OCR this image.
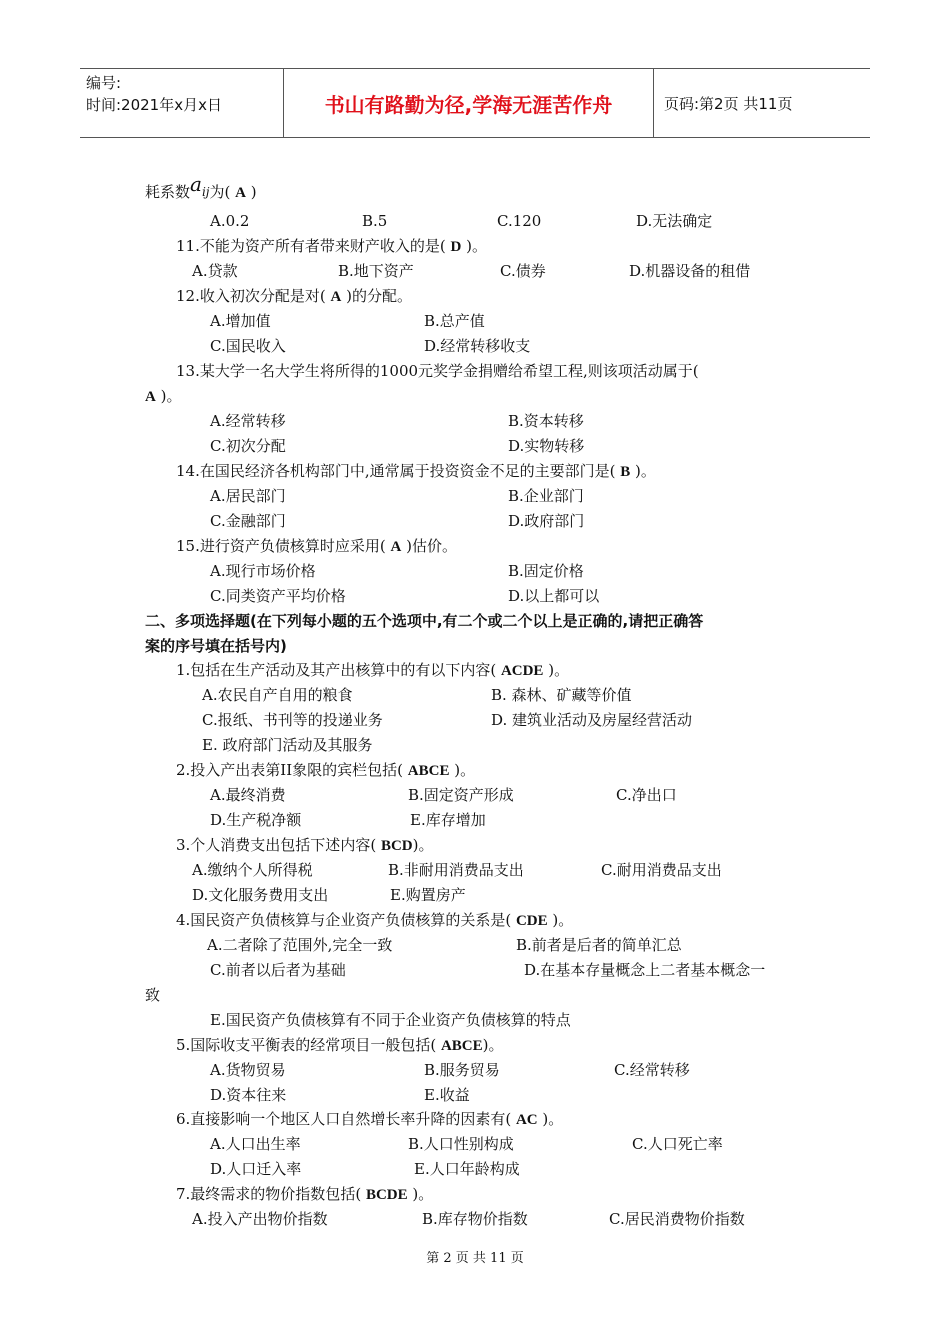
编号:
时间:2021年x月x日	书山有路勤为径,学海无涯苦作舟	页码:第2页 共11页
耗系数$a_{ij}$为( A )
A.0.2	B.5	C.120	D.无法确定
11.不能为资产所有者带来财产收入的是( D )。
A.贷款	B.地下资产	C.债券	D.机器设备的租借
12.收入初次分配是对( A )的分配。
A.增加值	B.总产值
C.国民收入	D.经常转移收支
13.某大学一名大学生将所得的1000元奖学金捐赠给希望工程,则该项活动属于(
A )。
A.经常转移	B.资本转移
C.初次分配	D.实物转移
14.在国民经济各机构部门中,通常属于投资资金不足的主要部门是( B )。
A.居民部门	B.企业部门
C.金融部门	D.政府部门
15.进行资产负债核算时应采用( A )估价。
A.现行市场价格	B.固定价格
C.同类资产平均价格	D.以上都可以
二、多项选择题(在下列每小题的五个选项中,有二个或二个以上是正确的,请把正确答
案的序号填在括号内)
1.包括在生产活动及其产出核算中的有以下内容( ACDE )。
A.农民自产自用的粮食	B. 森林、矿藏等价值
C.报纸、书刊等的投递业务	D. 建筑业活动及房屋经营活动
E. 政府部门活动及其服务
2.投入产出表第II象限的宾栏包括( ABCE )。
A.最终消费	B.固定资产形成	C.净出口
D.生产税净额	E.库存增加
3.个人消费支出包括下述内容( BCD)。
A.缴纳个人所得税	B.非耐用消费品支出	C.耐用消费品支出
D.文化服务费用支出	E.购置房产
4.国民资产负债核算与企业资产负债核算的关系是( CDE )。
A.二者除了范围外,完全一致	B.前者是后者的简单汇总
C.前者以后者为基础	D.在基本存量概念上二者基本概念一
致
E.国民资产负债核算有不同于企业资产负债核算的特点
5.国际收支平衡表的经常项目一般包括( ABCE)。
A.货物贸易	B.服务贸易	C.经常转移
D.资本往来	E.收益
6.直接影响一个地区人口自然增长率升降的因素有( AC )。
A.人口出生率	B.人口性别构成	C.人口死亡率
D.人口迁入率	E.人口年龄构成
7.最终需求的物价指数包括( BCDE )。
A.投入产出物价指数	B.库存物价指数	C.居民消费物价指数
第 2 页 共 11 页
